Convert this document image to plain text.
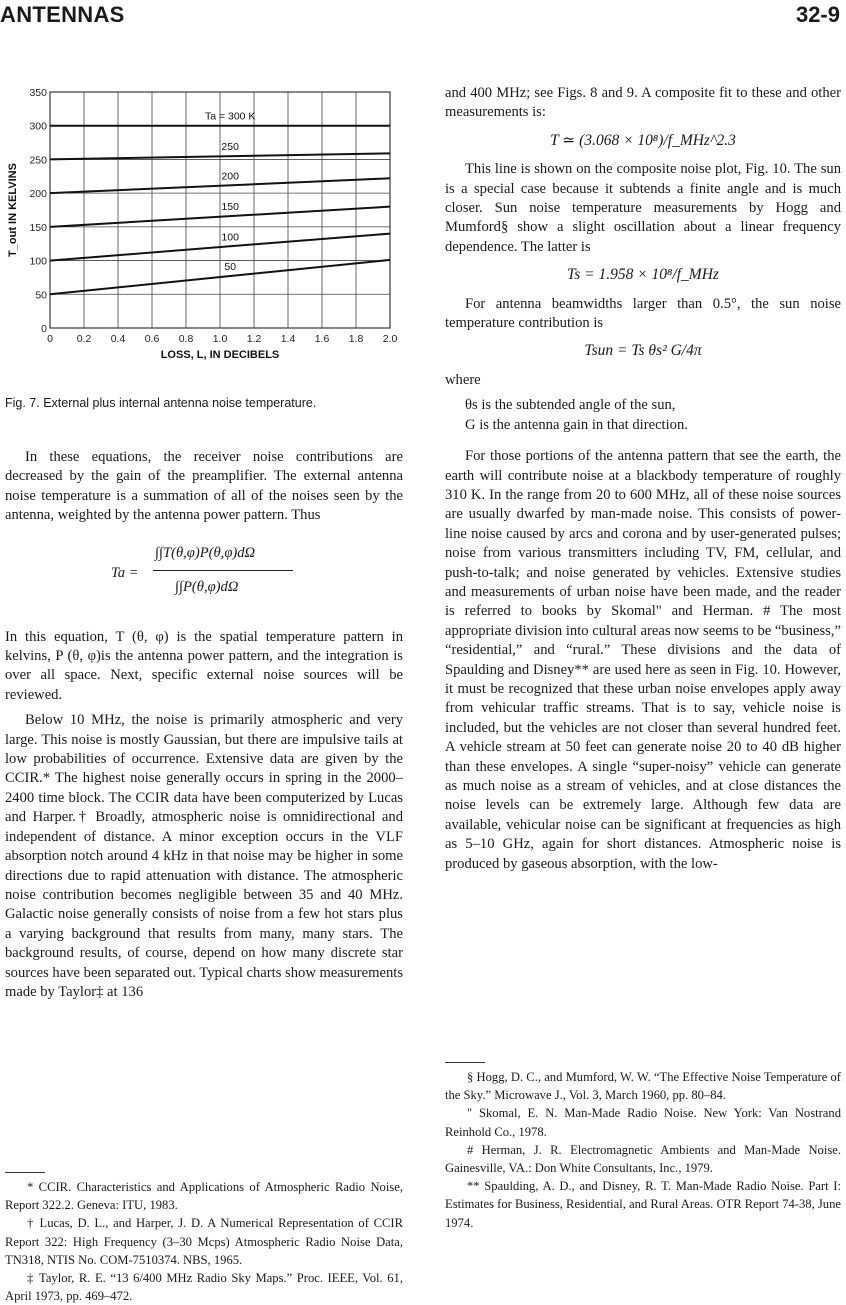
ANTENNAS	32-9
0 0.2 0.4 0.6 0.8 1.0 1.2 1.4 1.6 1.8 2.0
0
50
100
150
200
250
300
350
Ta = 300 K
250
200
150
100
50
LOSS, L, IN DECIBELS
T_out IN KELVINS
Fig. 7. External plus internal antenna noise temperature.

In these equations, the receiver noise contributions are decreased by the gain of the preamplifier. The external antenna noise temperature is a summation of all of the noises seen by the antenna, weighted by the antenna power pattern. Thus

Ta =
∫∫T(θ,φ)P(θ,φ)dΩ
∫∫P(θ,φ)dΩ

In this equation, T (θ, φ) is the spatial temperature pattern in kelvins, P (θ, φ)is the antenna power pattern, and the integration is over all space. Next, specific external noise sources will be reviewed.

Below 10 MHz, the noise is primarily atmospheric and very large. This noise is mostly Gaussian, but there are impulsive tails at low probabilities of occurrence. Extensive data are given by the CCIR.* The highest noise generally occurs in spring in the 2000–2400 time block. The CCIR data have been computerized by Lucas and Harper.† Broadly, atmospheric noise is omnidirectional and independent of distance. A minor exception occurs in the VLF absorption notch around 4 kHz in that noise may be higher in some directions due to rapid attenuation with distance. The atmospheric noise contribution becomes negligible between 35 and 40 MHz. Galactic noise generally consists of noise from a few hot stars plus a varying background that results from many, many stars. The background results, of course, depend on how many discrete star sources have been separated out. Typical charts show measurements made by Taylor‡ at 136

* CCIR. Characteristics and Applications of Atmospheric Radio Noise, Report 322.2. Geneva: ITU, 1983.

† Lucas, D. L., and Harper, J. D. A Numerical Representation of CCIR Report 322: High Frequency (3–30 Mcps) Atmospheric Radio Noise Data, TN318, NTIS No. COM-7510374. NBS, 1965.

‡ Taylor, R. E. “13 6/400 MHz Radio Sky Maps.” Proc. IEEE, Vol. 61, April 1973, pp. 469–472.

and 400 MHz; see Figs. 8 and 9. A composite fit to these and other measurements is:

T ≃ (3.068 × 10⁸)/f_MHz^2.3

This line is shown on the composite noise plot, Fig. 10. The sun is a special case because it subtends a finite angle and is much closer. Sun noise temperature measurements by Hogg and Mumford§ show a slight oscillation about a linear frequency dependence. The latter is

Ts = 1.958 × 10⁸/f_MHz

For antenna beamwidths larger than 0.5°, the sun noise temperature contribution is

Tsun = Ts θs² G/4π
where
θs is the subtended angle of the sun,
G is the antenna gain in that direction.

For those portions of the antenna pattern that see the earth, the earth will contribute noise at a blackbody temperature of roughly 310 K. In the range from 20 to 600 MHz, all of these noise sources are usually dwarfed by man-made noise. This consists of power-line noise caused by arcs and corona and by user-generated pulses; noise from various transmitters including TV, FM, cellular, and push-to-talk; and noise generated by vehicles. Extensive studies and measurements of urban noise have been made, and the reader is referred to books by Skomal" and Herman. # The most appropriate division into cultural areas now seems to be “business,” “residential,” and “rural.” These divisions and the data of Spaulding and Disney** are used here as seen in Fig. 10. However, it must be recognized that these urban noise envelopes apply away from vehicular traffic streams. That is to say, vehicle noise is included, but the vehicles are not closer than several hundred feet. A vehicle stream at 50 feet can generate noise 20 to 40 dB higher than these envelopes. A single “super-noisy” vehicle can generate as much noise as a stream of vehicles, and at close distances the noise levels can be extremely large. Although few data are available, vehicular noise can be significant at frequencies as high as 5–10 GHz, again for short distances. Atmospheric noise is produced by gaseous absorption, with the low-

§ Hogg, D. C., and Mumford, W. W. “The Effective Noise Temperature of the Sky.” Microwave J., Vol. 3, March 1960, pp. 80–84.

" Skomal, E. N. Man-Made Radio Noise. New York: Van Nostrand Reinhold Co., 1978.

# Herman, J. R. Electromagnetic Ambients and Man-Made Noise. Gainesville, VA.: Don White Consultants, Inc., 1979.

** Spaulding, A. D., and Disney, R. T. Man-Made Radio Noise. Part I: Estimates for Business, Residential, and Rural Areas. OTR Report 74-38, June 1974.
